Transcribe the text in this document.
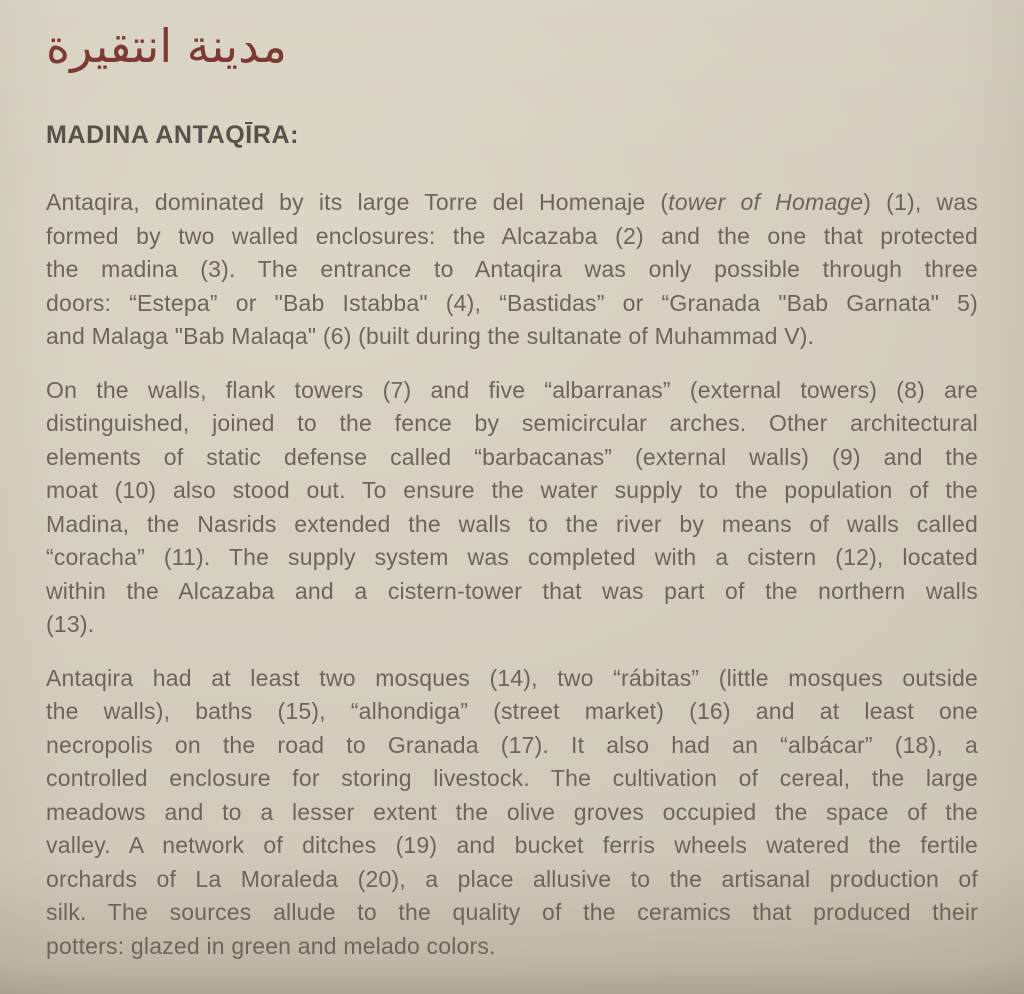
مدينة انتقيرة
MADINA ANTAQĪRA:
Antaqira, dominated by its large Torre del Homenaje (tower of Homage) (1), was
formed by two walled enclosures: the Alcazaba (2) and the one that protected
the madina (3). The entrance to Antaqira was only possible through three
doors: “Estepa” or "Bab Istabba" (4), “Bastidas” or “Granada "Bab Garnata" 5)
and Malaga "Bab Malaqa" (6) (built during the sultanate of Muhammad V).
On the walls, flank towers (7) and five “albarranas” (external towers) (8) are
distinguished, joined to the fence by semicircular arches. Other architectural
elements of static defense called “barbacanas” (external walls) (9) and the
moat (10) also stood out. To ensure the water supply to the population of the
Madina, the Nasrids extended the walls to the river by means of walls called
“coracha” (11). The supply system was completed with a cistern (12), located
within the Alcazaba and a cistern-tower that was part of the northern walls
(13).
Antaqira had at least two mosques (14), two “rábitas” (little mosques outside
the walls), baths (15), “alhondiga” (street market) (16) and at least one
necropolis on the road to Granada (17). It also had an “albácar” (18), a
controlled enclosure for storing livestock. The cultivation of cereal, the large
meadows and to a lesser extent the olive groves occupied the space of the
valley. A network of ditches (19) and bucket ferris wheels watered the fertile
orchards of La Moraleda (20), a place allusive to the artisanal production of
silk. The sources allude to the quality of the ceramics that produced their
potters: glazed in green and melado colors.
